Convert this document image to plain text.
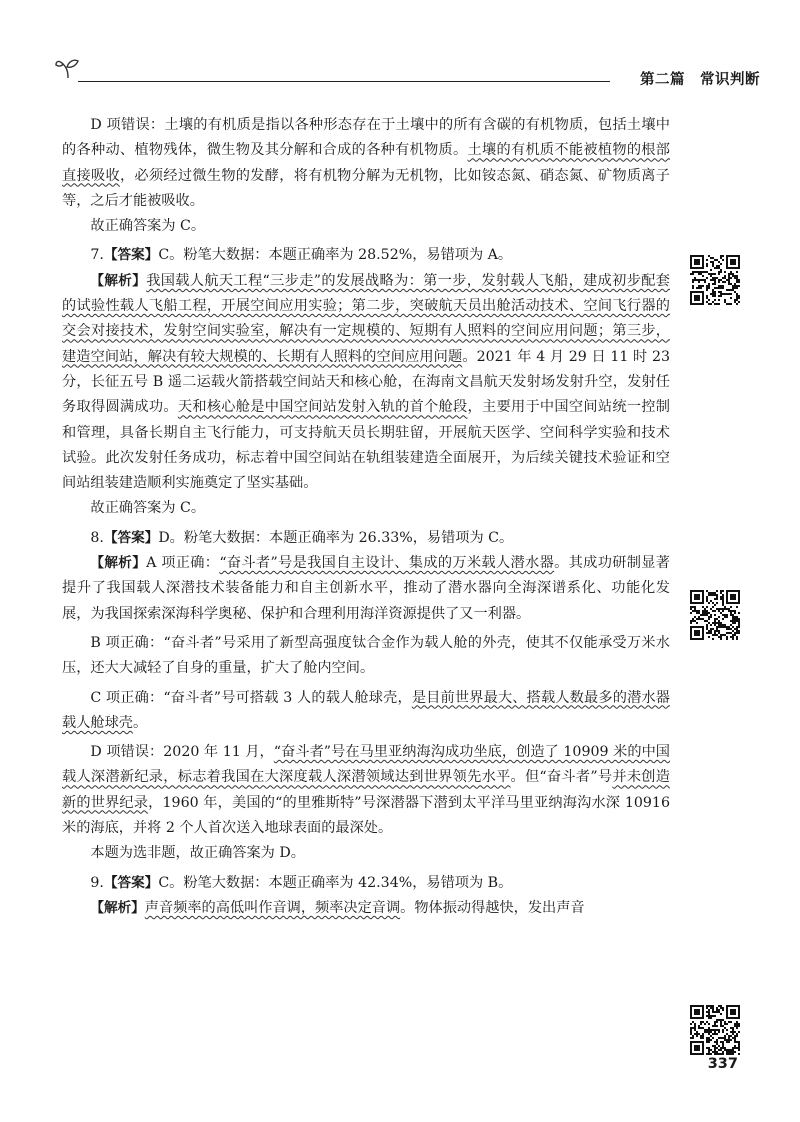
第二篇　常识判断

D 项错误：土壤的有机质是指以各种形态存在于土壤中的所有含碳的有机物质，包括土壤中的各种动、植物残体，微生物及其分解和合成的各种有机物质。土壤的有机质不能被植物的根部直接吸收，必须经过微生物的发酵，将有机物分解为无机物，比如铵态氮、硝态氮、矿物质离子等，之后才能被吸收。

故正确答案为 C。

7.【答案】C。粉笔大数据：本题正确率为 28.52%，易错项为 A。

【解析】我国载人航天工程“三步走”的发展战略为：第一步，发射载人飞船，建成初步配套的试验性载人飞船工程，开展空间应用实验；第二步，突破航天员出舱活动技术、空间飞行器的交会对接技术，发射空间实验室，解决有一定规模的、短期有人照料的空间应用问题；第三步，建造空间站，解决有较大规模的、长期有人照料的空间应用问题。2021 年 4 月 29 日 11 时 23 分，长征五号 B 遥二运载火箭搭载空间站天和核心舱，在海南文昌航天发射场发射升空，发射任务取得圆满成功。天和核心舱是中国空间站发射入轨的首个舱段，主要用于中国空间站统一控制和管理，具备长期自主飞行能力，可支持航天员长期驻留，开展航天医学、空间科学实验和技术试验。此次发射任务成功，标志着中国空间站在轨组装建造全面展开，为后续关键技术验证和空间站组装建造顺利实施奠定了坚实基础。

故正确答案为 C。

8.【答案】D。粉笔大数据：本题正确率为 26.33%，易错项为 C。

【解析】A 项正确：“奋斗者”号是我国自主设计、集成的万米载人潜水器。其成功研制显著提升了我国载人深潜技术装备能力和自主创新水平，推动了潜水器向全海深谱系化、功能化发展，为我国探索深海科学奥秘、保护和合理利用海洋资源提供了又一利器。

B 项正确：“奋斗者”号采用了新型高强度钛合金作为载人舱的外壳，使其不仅能承受万米水压，还大大减轻了自身的重量，扩大了舱内空间。

C 项正确：“奋斗者”号可搭载 3 人的载人舱球壳，是目前世界最大、搭载人数最多的潜水器载人舱球壳。

D 项错误：2020 年 11 月，“奋斗者”号在马里亚纳海沟成功坐底，创造了 10909 米的中国载人深潜新纪录，标志着我国在大深度载人深潜领域达到世界领先水平。但“奋斗者”号并未创造新的世界纪录，1960 年，美国的“的里雅斯特”号深潜器下潜到太平洋马里亚纳海沟水深 10916 米的海底，并将 2 个人首次送入地球表面的最深处。

本题为选非题，故正确答案为 D。

9.【答案】C。粉笔大数据：本题正确率为 42.34%，易错项为 B。

【解析】声音频率的高低叫作音调，频率决定音调。物体振动得越快，发出声音

337
